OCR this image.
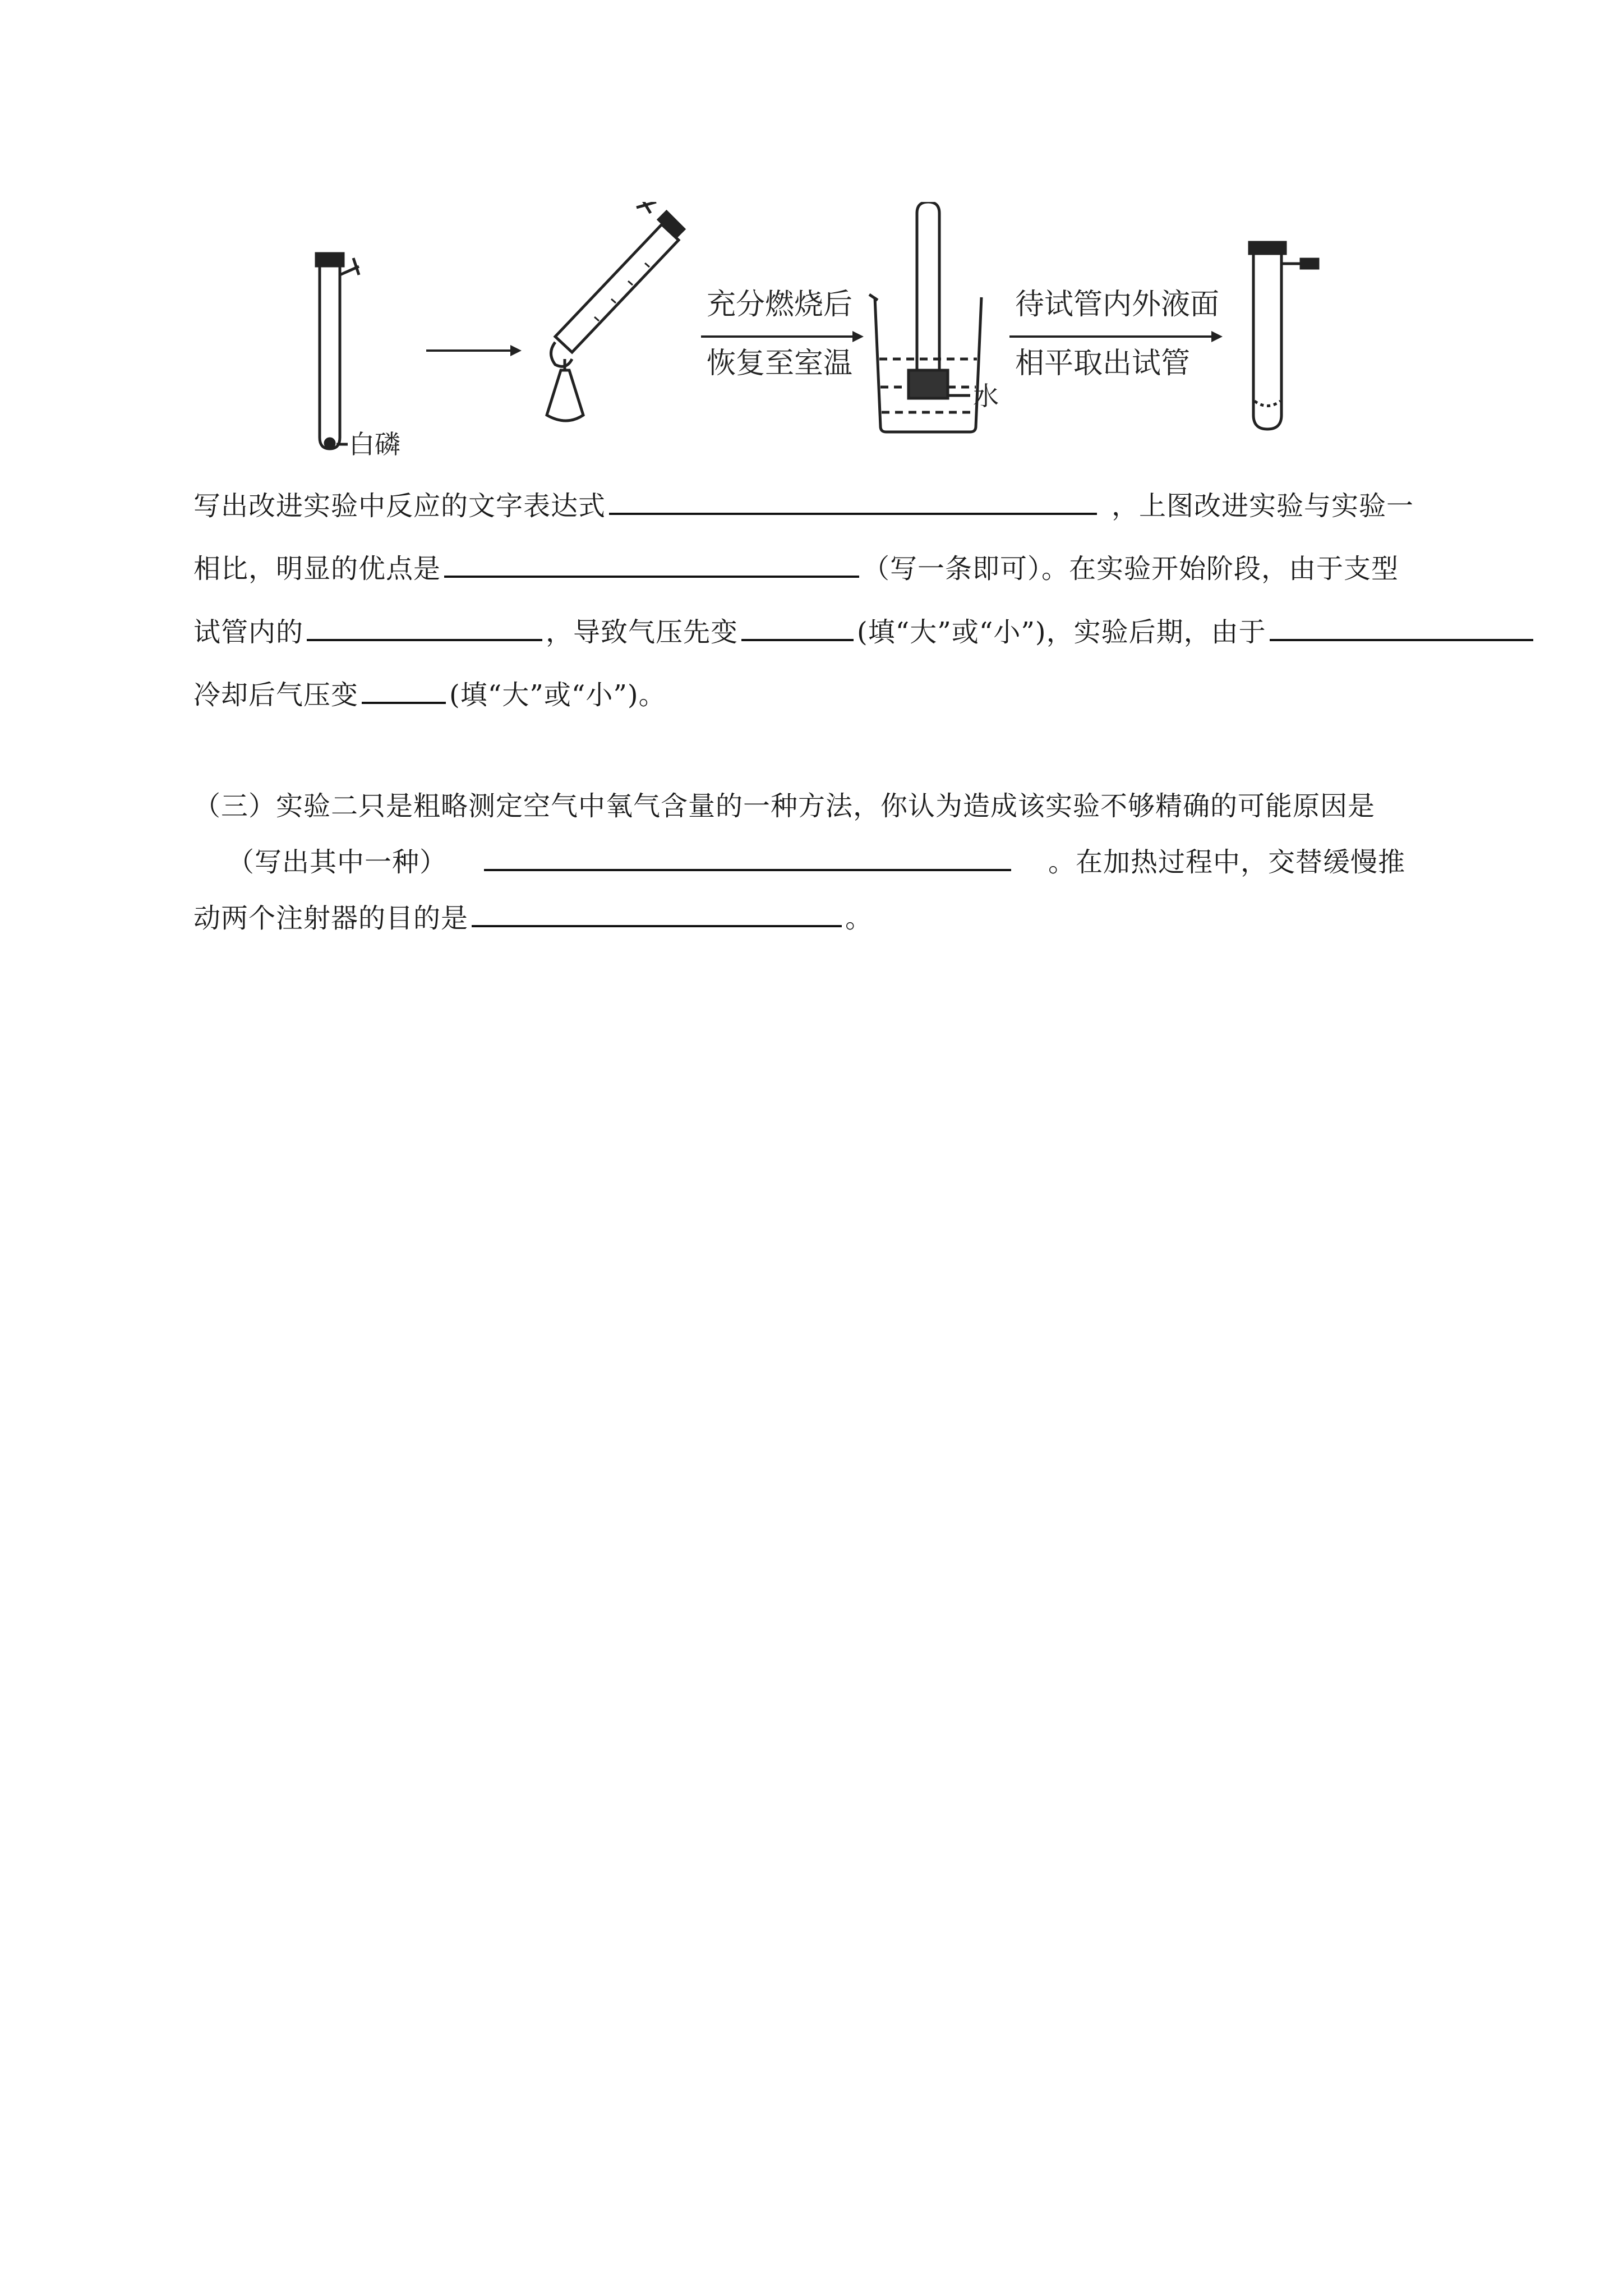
白磷
充分燃烧后
恢复至室温
水
待试管内外液面
相平取出试管
写出改进实验中反应的文字表达式	，上图改进实验与实验一
相比，明显的优点是	（写一条即可）。在实验开始阶段，由于支型
试管内的	，导致气压先变	(填“大”或“小”)，实验后期，由于
冷却后气压变	(填“大”或“小”)。
（三）实验二只是粗略测定空气中氧气含量的一种方法，你认为造成该实验不够精确的可能原因是
（写出其中一种）	。在加热过程中，交替缓慢推
动两个注射器的目的是	。
